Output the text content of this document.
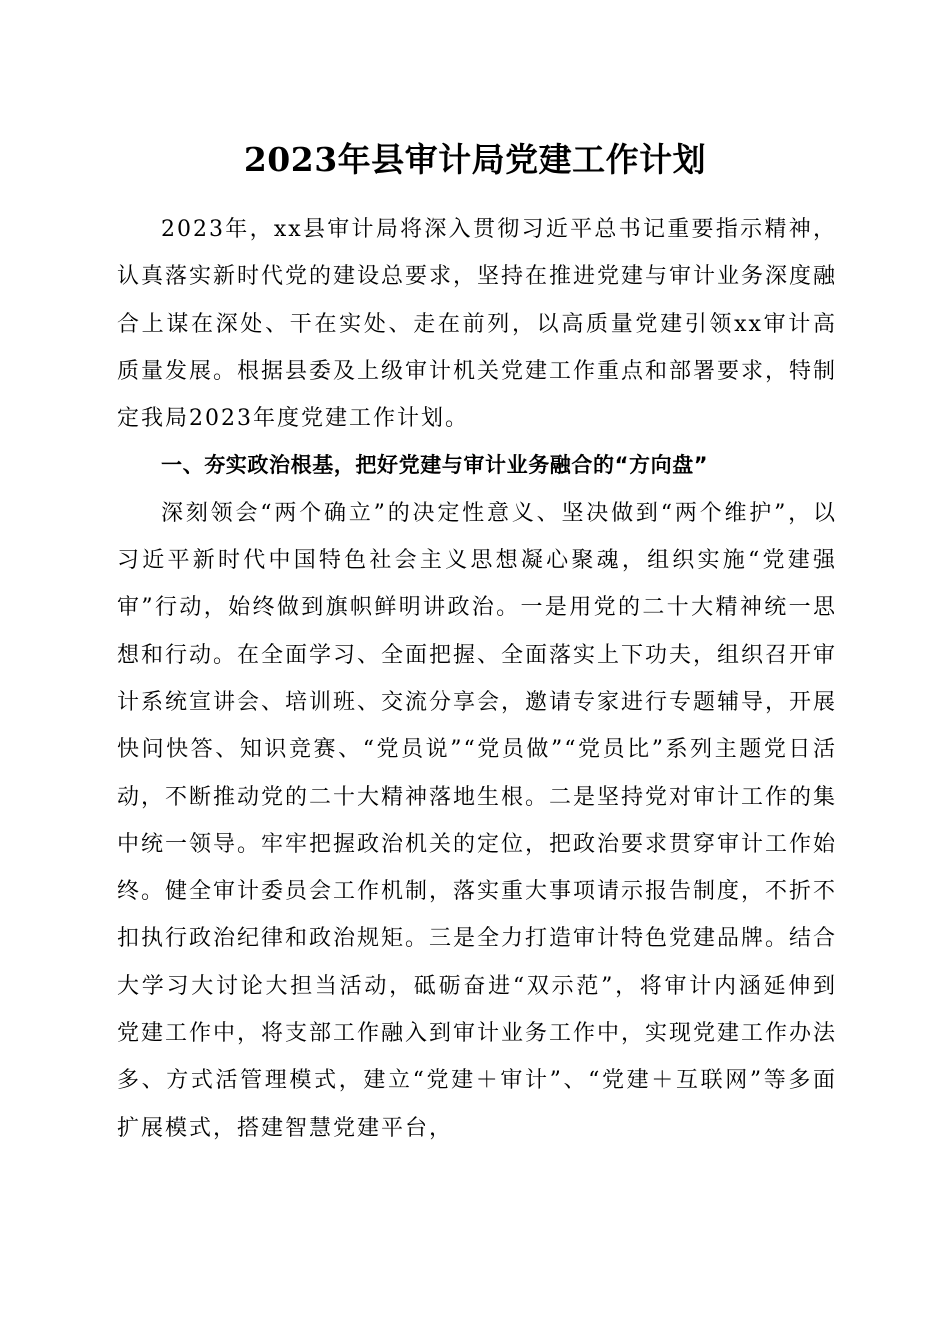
2023年县审计局党建工作计划

2023年，xx县审计局将深入贯彻习近平总书记重要指示精神，认真落实新时代党的建设总要求，坚持在推进党建与审计业务深度融合上谋在深处、干在实处、走在前列，以高质量党建引领xx审计高质量发展。根据县委及上级审计机关党建工作重点和部署要求，特制定我局2023年度党建工作计划。

一、夯实政治根基，把好党建与审计业务融合的“方向盘”

深刻领会“两个确立”的决定性意义、坚决做到“两个维护”，以习近平新时代中国特色社会主义思想凝心聚魂，组织实施“党建强审”行动，始终做到旗帜鲜明讲政治。一是用党的二十大精神统一思想和行动。在全面学习、全面把握、全面落实上下功夫，组织召开审计系统宣讲会、培训班、交流分享会，邀请专家进行专题辅导，开展快问快答、知识竞赛、“党员说”“党员做”“党员比”系列主题党日活动，不断推动党的二十大精神落地生根。二是坚持党对审计工作的集中统一领导。牢牢把握政治机关的定位，把政治要求贯穿审计工作始终。健全审计委员会工作机制，落实重大事项请示报告制度，不折不扣执行政治纪律和政治规矩。三是全力打造审计特色党建品牌。结合大学习大讨论大担当活动，砥砺奋进“双示范”，将审计内涵延伸到党建工作中，将支部工作融入到审计业务工作中，实现党建工作办法多、方式活管理模式，建立“党建＋审计”、“党建＋互联网”等多面扩展模式，搭建智慧党建平台，
